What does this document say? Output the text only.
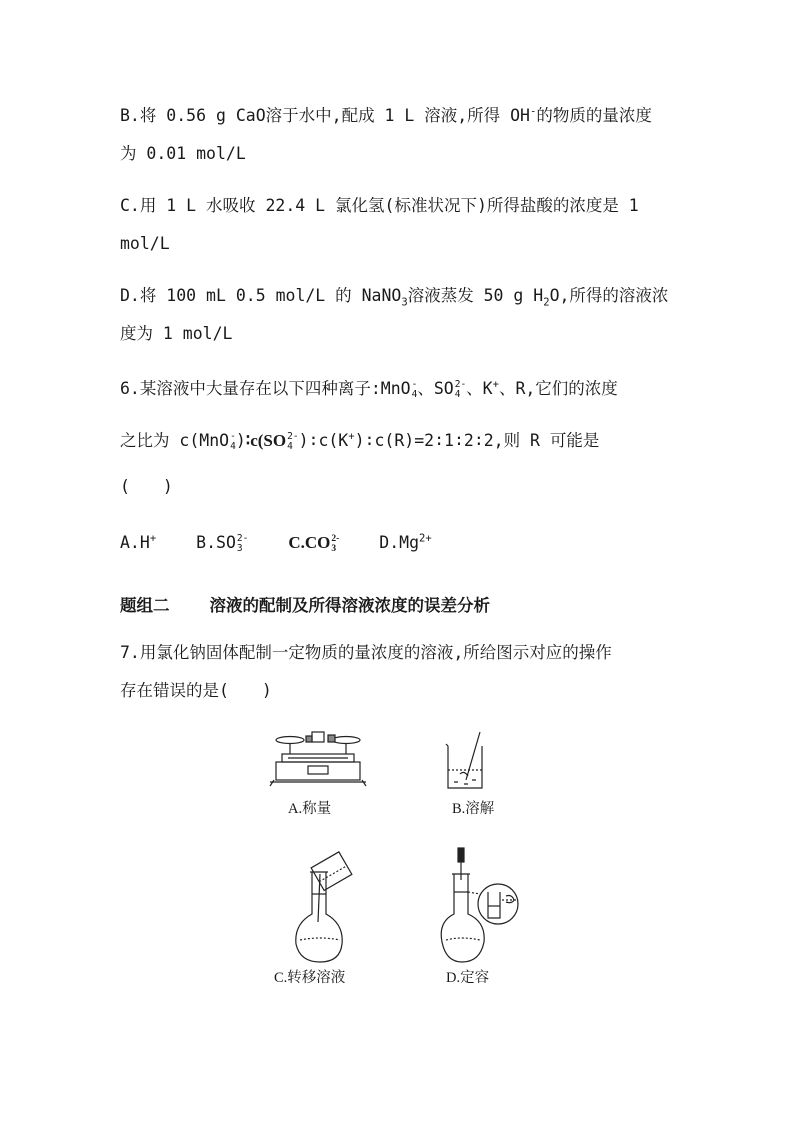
B.将 0.56 g CaO溶于水中,配成 1 L 溶液,所得 OH-的物质的量浓度
为 0.01 mol/L
C.用 1 L 水吸收 22.4 L 氯化氢(标准状况下)所得盐酸的浓度是 1
mol/L
D.将 100 mL 0.5 mol/L 的 NaNO$_3$溶液蒸发 50 g $H_2O$,所得的溶液浓
度为 1 mol/L
6.某溶液中大量存在以下四种离子:MnO -
4 、SO 2-
4 、K+、R,它们的浓度
之比为 c(MnO -
4 )∶c(SO 2-
4 )∶c(K+)∶c(R)=2∶1∶2∶2,则 R 可能是
(　　)
A.H+ B.SO 2-
3	C.CO 2-
3	$D.Mg^{2+}$
题组二 溶液的配制及所得溶液浓度的误差分析
7.用氯化钠固体配制一定物质的量浓度的溶液,所给图示对应的操作
存在错误的是(　　)
A.称量	B.溶解
C.转移溶液	D.定容
